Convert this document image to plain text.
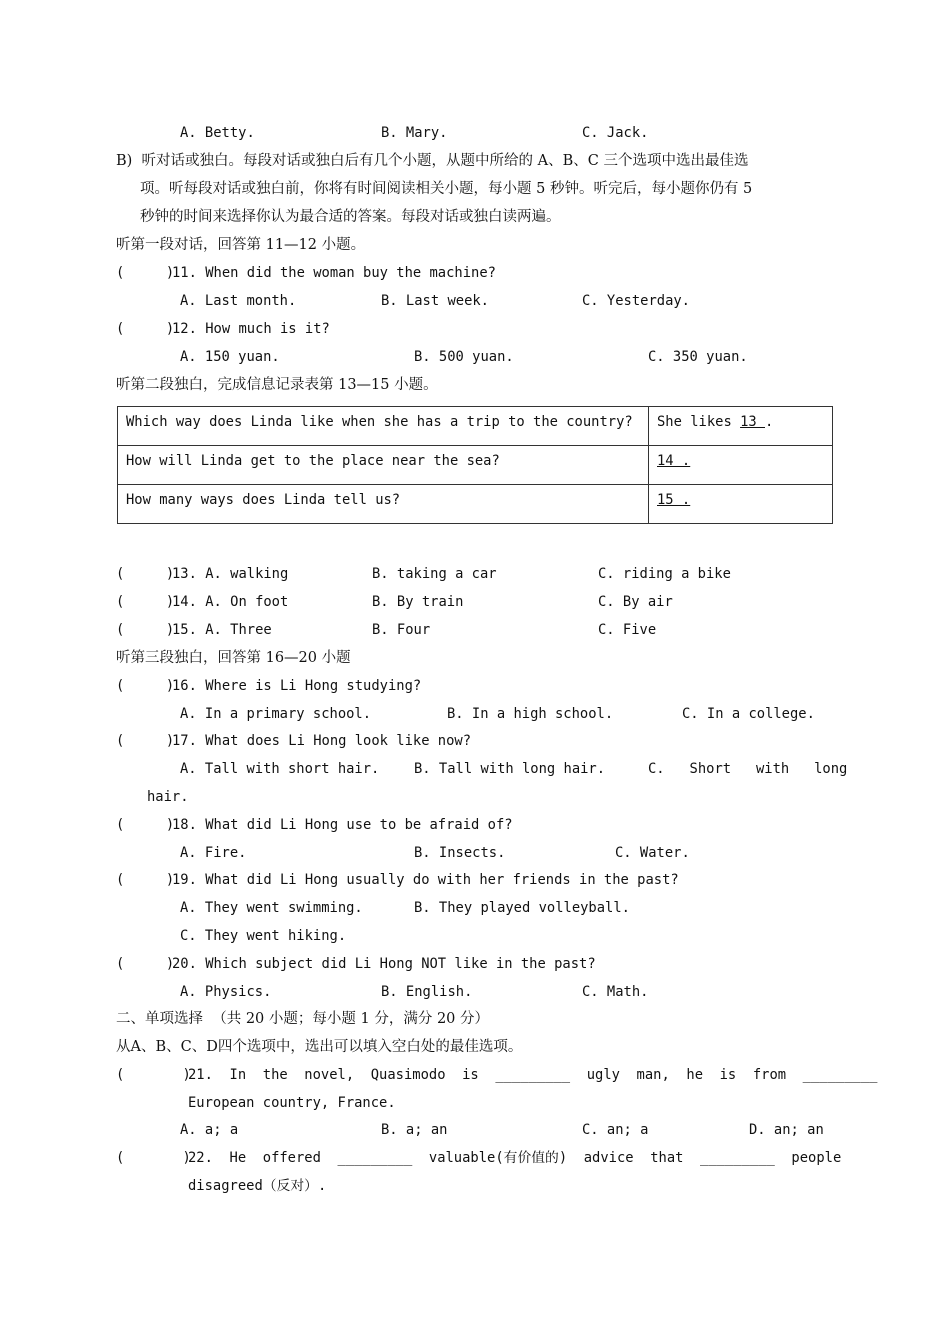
A. Betty.	B. Mary.	C. Jack.
B)  听对话或独白。每段对话或独白后有几个小题，从题中所给的 A、B、C 三个选项中选出最佳选
项。听每段对话或独白前，你将有时间阅读相关小题，每小题 5 秒钟。听完后，每小题你仍有 5
秒钟的时间来选择你认为最合适的答案。每段对话或独白读两遍。
听第一段对话，回答第 11—12 小题。
(     )
11. When did the woman buy the machine?
A. Last month.	B. Last week.	C. Yesterday.
(     )
12. How much is it?
A. 150 yuan.	B. 500 yuan.	C. 350 yuan.
听第二段独白，完成信息记录表第 13—15 小题。
Which way does Linda like when she has a trip to the country?	She likes 13 .
How will Linda get to the place near the sea?	14 .
How many ways does Linda tell us?	15 .
(     )
13. A. walking	B. taking a car	C. riding a bike
(     )
14. A. On foot	B. By train	C. By air
(     )
15. A. Three	B. Four	C. Five
听第三段独白，回答第 16—20 小题
(     )
16. Where is Li Hong studying?
A. In a primary school.	B. In a high school.	C. In a college.
(     )
17. What does Li Hong look like now?
A. Tall with short hair.	B. Tall with long hair.	C.   Short   with   long
hair.
(     )
18. What did Li Hong use to be afraid of?
A. Fire.	B. Insects.	C. Water.
(     )
19. What did Li Hong usually do with her friends in the past?
A. They went swimming.	B. They played volleyball.
C. They went hiking.
(     )
20. Which subject did Li Hong NOT like in the past?
A. Physics.	B. English.	C. Math.
二、单项选择  （共 20 小题；每小题 1 分，满分 20 分）
从A、B、C、D四个选项中，选出可以填入空白处的最佳选项。
(       )
21.  In  the  novel,  Quasimodo  is  _________  ugly  man,  he  is  from  _________
European country, France.
A. a; a	B. a; an	C. an; a	D. an; an
(       )
22.  He  offered  _________  valuable(有价值的)  advice  that  _________  people
disagreed（反对）.
